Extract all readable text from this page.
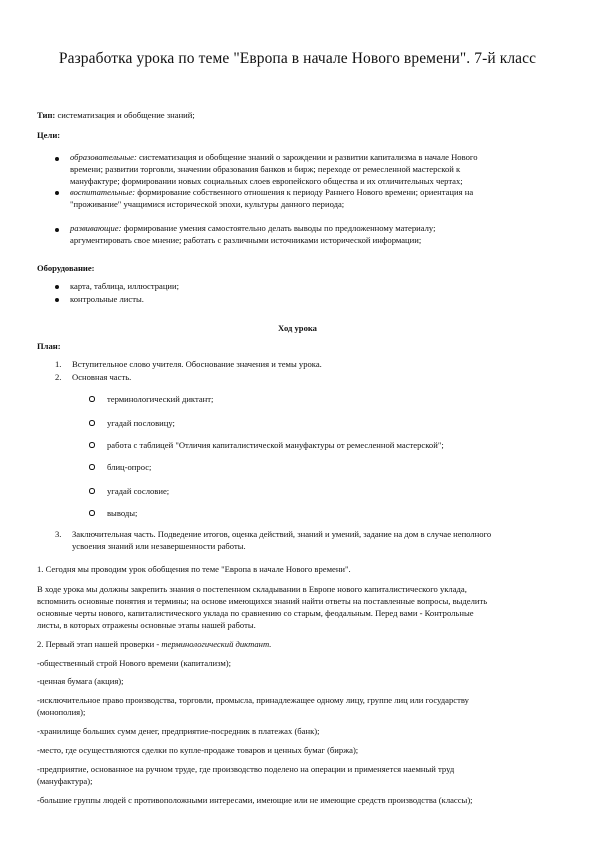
Разработка урока по теме "Европа в начале Нового времени". 7-й класс
Тип: систематизация и обобщение знаний;
Цели:
образовательные: систематизация и обобщение знаний о зарождении и развитии капитализма в начале Нового
времени; развитии торговли, значении образования банков и бирж; переходе от ремесленной мастерской к
мануфактуре; формировании новых социальных слоев европейского общества и их отличительных чертах;
воспитательные: формирование собственного отношения к периоду Раннего Нового времени; ориентация на
"проживание" учащимися исторической эпохи, культуры данного периода;
развивающие: формирование умения самостоятельно делать выводы по предложенному материалу;
аргументировать свое мнение; работать с различными источниками исторической информации;
Оборудование:
карта, таблица, иллюстрации;
контрольные листы.
Ход урока
План:
1. Вступительное слово учителя. Обоснование значения и темы урока.
2. Основная часть.
терминологический диктант;
угадай пословицу;
работа с таблицей "Отличия капиталистической мануфактуры от ремесленной мастерской";
блиц-опрос;
угадай сословие;
выводы;
3. Заключительная часть. Подведение итогов, оценка действий, знаний и умений, задание на дом в случае неполного
усвоения знаний или незавершенности работы.
1. Сегодня мы проводим урок обобщения по теме "Европа в начале Нового времени".
В ходе урока мы должны закрепить знания о постепенном складывании в Европе нового капиталистического уклада,
вспомнить основные понятия и термины; на основе имеющихся знаний найти ответы на поставленные вопросы, выделить
основные черты нового, капиталистического уклада по сравнению со старым, феодальным. Перед вами - Контрольные
листы, в которых отражены основные этапы нашей работы.
2. Первый этап нашей проверки - терминологический диктант.
-общественный строй Нового времени (капитализм);
-ценная бумага (акция);
-исключительное право производства, торговли, промысла, принадлежащее одному лицу, группе лиц или государству
(монополия);
-хранилище больших сумм денег, предприятие-посредник в платежах (банк);
-место, где осуществляются сделки по купле-продаже товаров и ценных бумаг (биржа);
-предприятие, основанное на ручном труде, где производство поделено на операции и применяется наемный труд
(мануфактура);
-большие группы людей с противоположными интересами, имеющие или не имеющие средств производства (классы);
